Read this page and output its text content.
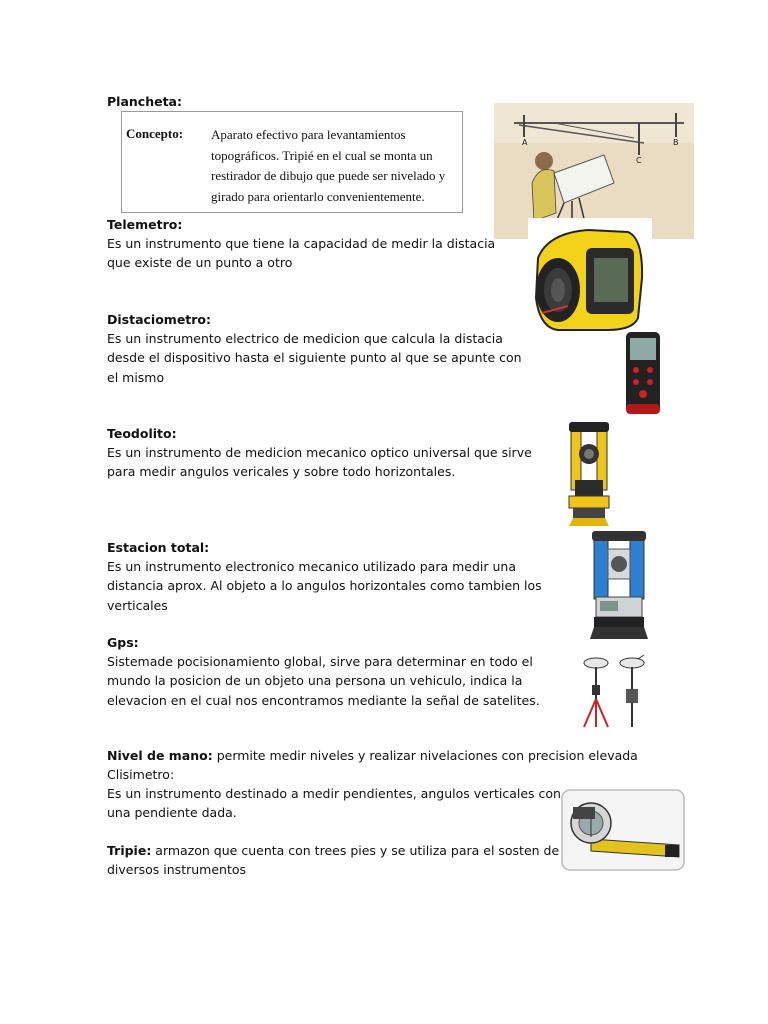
Plancheta:
Concepto: Aparato efectivo para levantamientos
topográficos. Tripié en el cual se monta un
restirador de dibujo que puede ser nivelado y
girado para orientarlo convenientemente.
A
C
B
Telemetro:
Es un instrumento que tiene la capacidad de medir la distacia
que existe de un punto a otro
Distaciometro:
Es un instrumento electrico de medicion que calcula la distacia
desde el dispositivo hasta el siguiente punto al que se apunte con
el mismo
Teodolito:
Es un instrumento de medicion mecanico optico universal que sirve
para medir angulos vericales y sobre todo horizontales.
Estacion total:
Es un instrumento electronico mecanico utilizado para medir una
distancia aprox. Al objeto a lo angulos horizontales como tambien los
verticales
Gps:
Sistemade pocisionamiento global, sirve para determinar en todo el
mundo la posicion de un objeto una persona un vehiculo, indica la
elevacion en el cual nos encontramos mediante la señal de satelites.
Nivel de mano: permite medir niveles y realizar nivelaciones con precision elevada
Clisimetro:
Es un instrumento destinado a medir pendientes, angulos verticales con
una pendiente dada.
Tripie: armazon que cuenta con trees pies y se utiliza para el sosten de
diversos instrumentos
